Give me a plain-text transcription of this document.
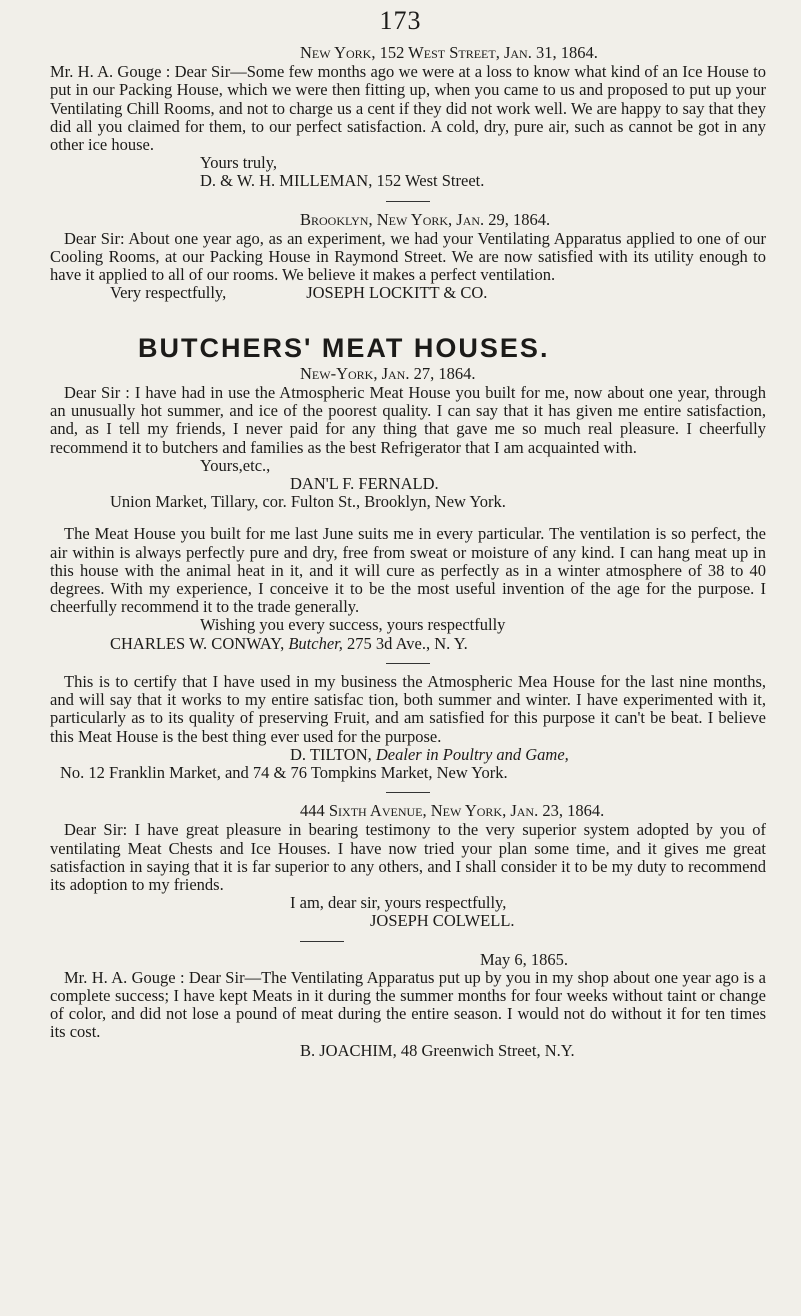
173
New York, 152 West Street, Jan. 31, 1864.

Mr. H. A. Gouge : Dear Sir—Some few months ago we were at a loss to know what kind of an Ice House to put in our Packing House, which we were then fitting up, when you came to us and proposed to put up your Ventilating Chill Rooms, and not to charge us a cent if they did not work well. We are happy to say that they did all you claimed for them, to our perfect satisfaction. A cold, dry, pure air, such as cannot be got in any other ice house.

Yours truly,
D. & W. H. MILLEMAN, 152 West Street.
Brooklyn, New York, Jan. 29, 1864.

Dear Sir: About one year ago, as an experiment, we had your Ventilating Apparatus applied to one of our Cooling Rooms, at our Packing House in Raymond Street. We are now satisfied with its utility enough to have it applied to all of our rooms. We believe it makes a perfect ventilation.

Very respectfully,	JOSEPH LOCKITT & CO.
BUTCHERS' MEAT HOUSES.
New-York, Jan. 27, 1864.

Dear Sir : I have had in use the Atmospheric Meat House you built for me, now about one year, through an unusually hot summer, and ice of the poorest quality. I can say that it has given me entire satisfaction, and, as I tell my friends, I never paid for any thing that gave me so much real pleasure. I cheerfully recommend it to butchers and families as the best Refrigerator that I am acquainted with.

Yours,etc.,
DAN'L F. FERNALD.
Union Market, Tillary, cor. Fulton St., Brooklyn, New York.

The Meat House you built for me last June suits me in every particular. The ventilation is so perfect, the air within is always perfectly pure and dry, free from sweat or moisture of any kind. I can hang meat up in this house with the animal heat in it, and it will cure as perfectly as in a winter atmosphere of 38 to 40 degrees. With my experience, I conceive it to be the most useful invention of the age for the purpose. I cheerfully recommend it to the trade generally.

Wishing you every success, yours respectfully
CHARLES W. CONWAY, Butcher, 275 3d Ave., N. Y.

This is to certify that I have used in my business the Atmospheric Mea House for the last nine months, and will say that it works to my entire satisfac tion, both summer and winter. I have experimented with it, particularly as to its quality of preserving Fruit, and am satisfied for this purpose it can't be beat. I believe this Meat House is the best thing ever used for the purpose.

D. TILTON, Dealer in Poultry and Game,
No. 12 Franklin Market, and 74 & 76 Tompkins Market, New York.
444 Sixth Avenue, New York, Jan. 23, 1864.

Dear Sir: I have great pleasure in bearing testimony to the very superior system adopted by you of ventilating Meat Chests and Ice Houses. I have now tried your plan some time, and it gives me great satisfaction in saying that it is far superior to any others, and I shall consider it to be my duty to recommend its adoption to my friends.

I am, dear sir, yours respectfully,
JOSEPH COLWELL.
May 6, 1865.

Mr. H. A. Gouge : Dear Sir—The Ventilating Apparatus put up by you in my shop about one year ago is a complete success; I have kept Meats in it during the summer months for four weeks without taint or change of color, and did not lose a pound of meat during the entire season. I would not do without it for ten times its cost.

B. JOACHIM, 48 Greenwich Street, N.Y.
